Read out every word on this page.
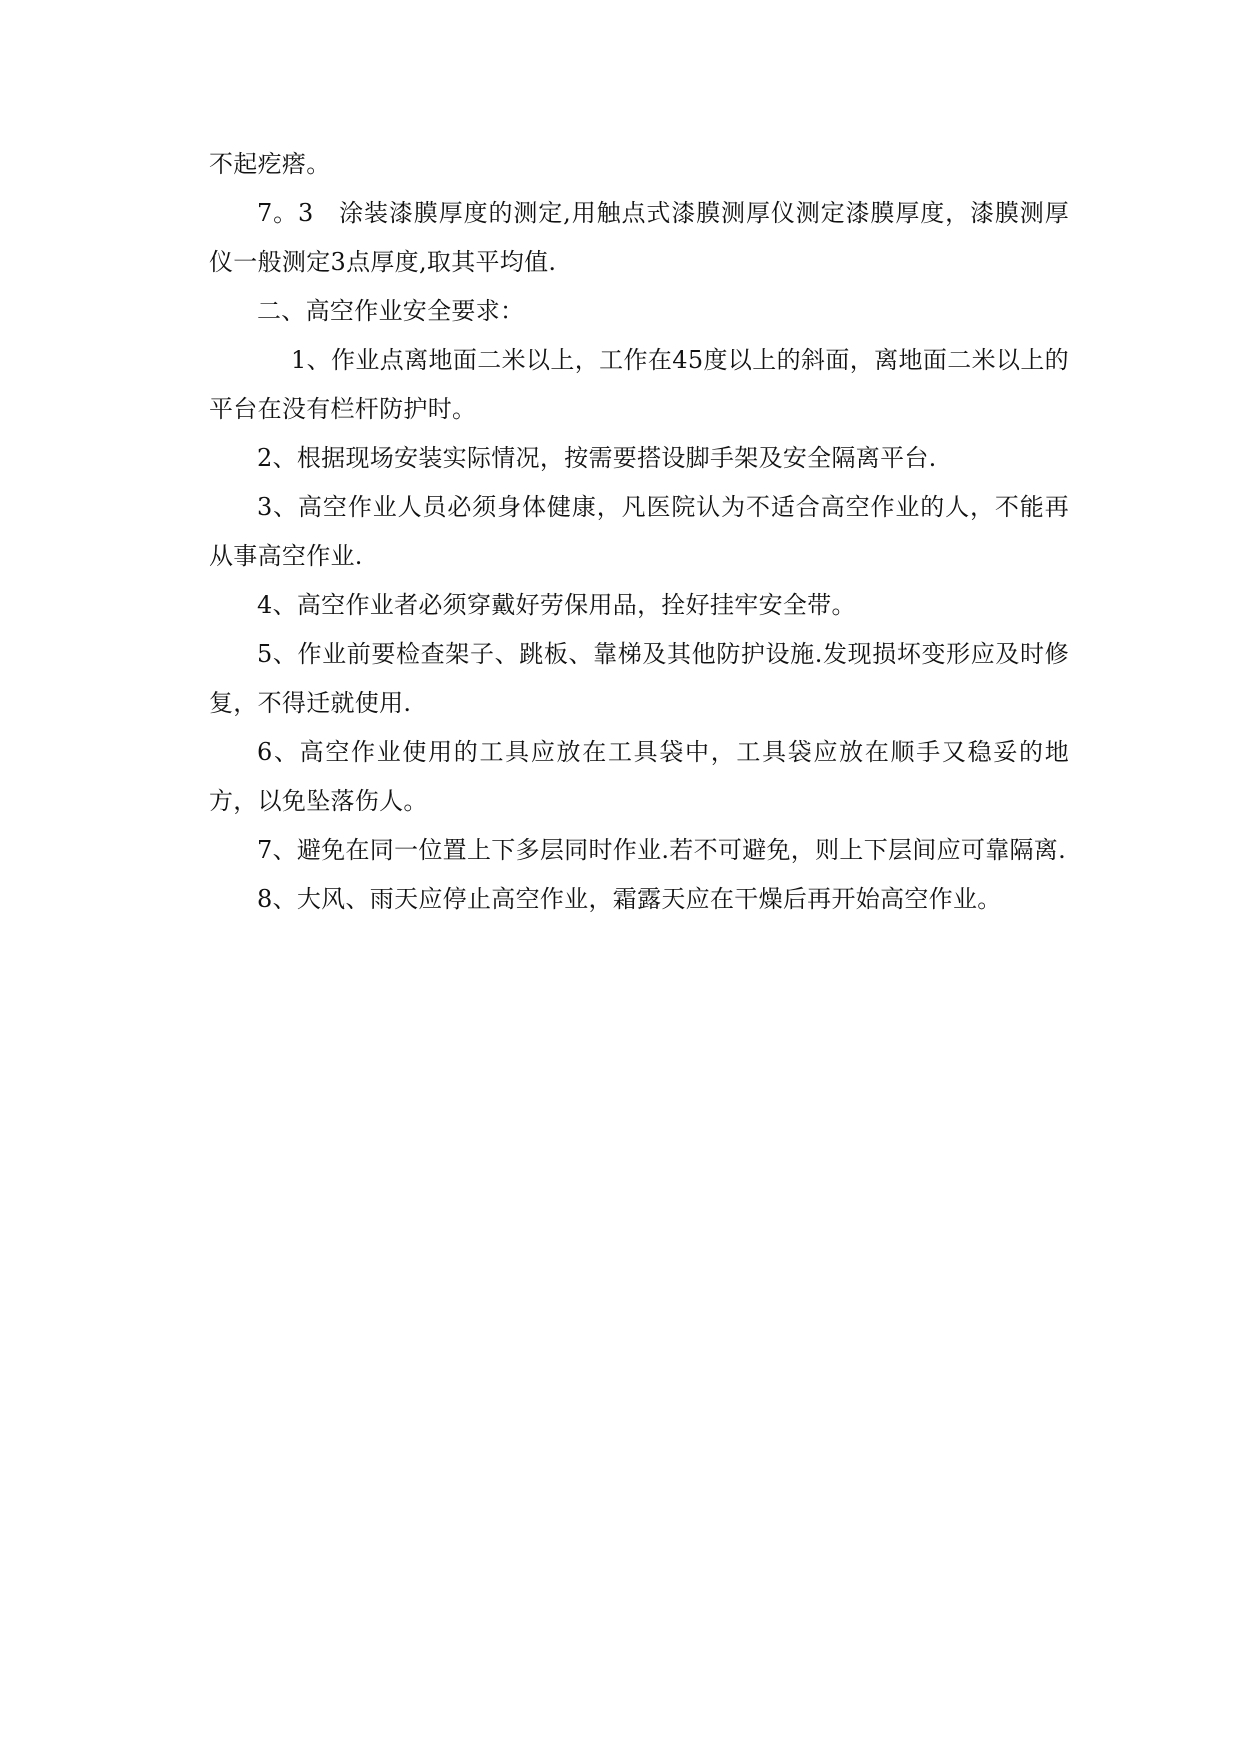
不起疙瘩。

7。3　涂装漆膜厚度的测定,用触点式漆膜测厚仪测定漆膜厚度，漆膜测厚仪一般测定3点厚度,取其平均值.

二、高空作业安全要求：

1、作业点离地面二米以上，工作在45度以上的斜面，离地面二米以上的平台在没有栏杆防护时。

2、根据现场安装实际情况，按需要搭设脚手架及安全隔离平台.

3、高空作业人员必须身体健康，凡医院认为不适合高空作业的人，不能再从事高空作业.

4、高空作业者必须穿戴好劳保用品，拴好挂牢安全带。

5、作业前要检查架子、跳板、靠梯及其他防护设施.发现损坏变形应及时修复，不得迁就使用.

6、高空作业使用的工具应放在工具袋中，工具袋应放在顺手又稳妥的地方，以免坠落伤人。

7、避免在同一位置上下多层同时作业.若不可避免，则上下层间应可靠隔离.

8、大风、雨天应停止高空作业，霜露天应在干燥后再开始高空作业。
